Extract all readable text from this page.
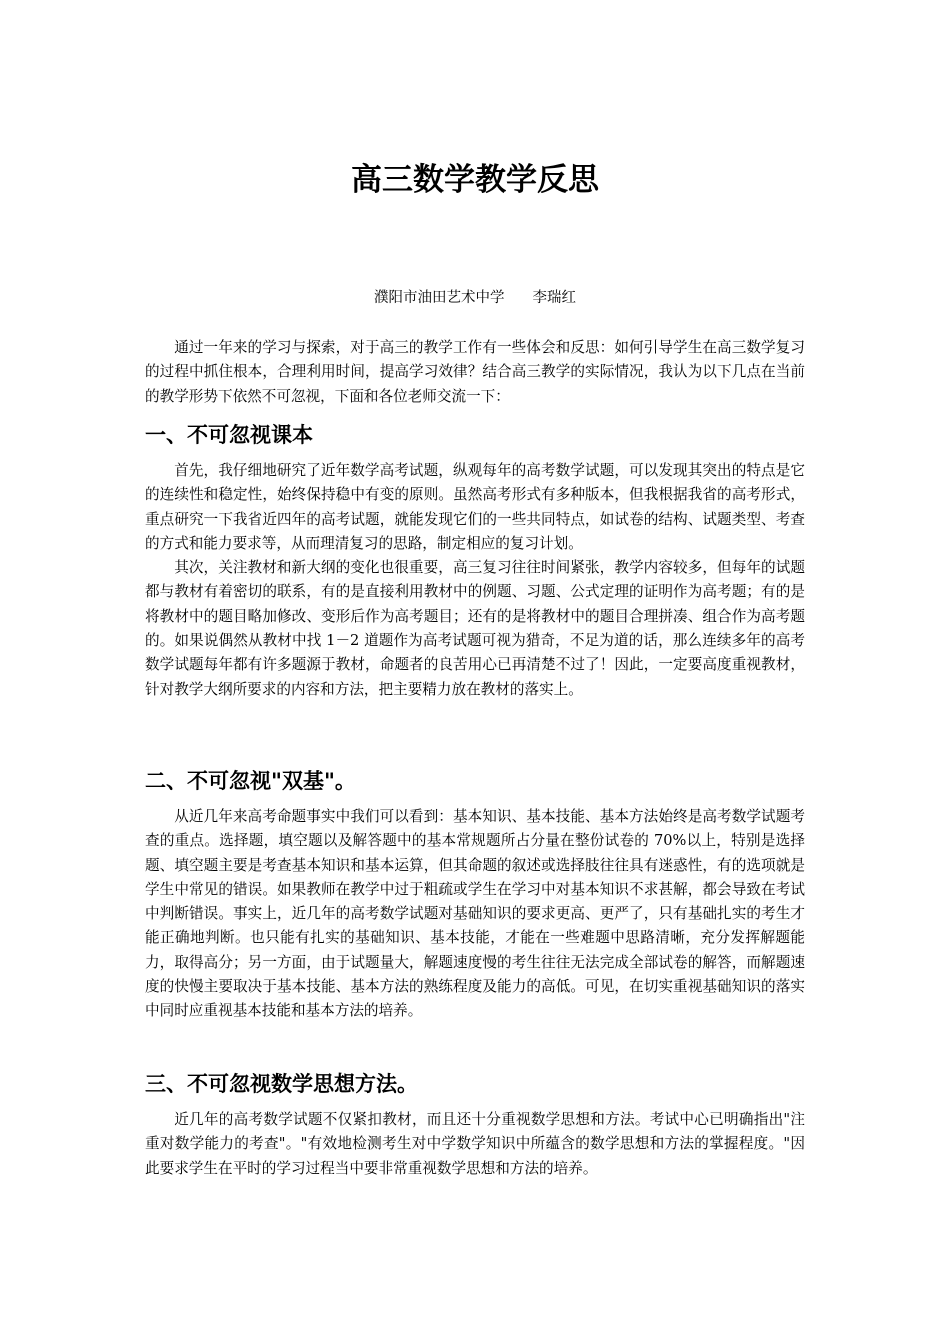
高三数学教学反思
濮阳市油田艺术中学 李瑞红

通过一年来的学习与探索，对于高三的教学工作有一些体会和反思：如何引导学生在高三数学复习的过程中抓住根本，合理利用时间，提高学习效律？结合高三教学的实际情况，我认为以下几点在当前的教学形势下依然不可忽视，下面和各位老师交流一下：

一、不可忽视课本

首先，我仔细地研究了近年数学高考试题，纵观每年的高考数学试题，可以发现其突出的特点是它的连续性和稳定性，始终保持稳中有变的原则。虽然高考形式有多种版本，但我根据我省的高考形式，重点研究一下我省近四年的高考试题，就能发现它们的一些共同特点，如试卷的结构、试题类型、考查的方式和能力要求等，从而理清复习的思路，制定相应的复习计划。

其次，关注教材和新大纲的变化也很重要，高三复习往往时间紧张，教学内容较多，但每年的试题都与教材有着密切的联系，有的是直接利用教材中的例题、习题、公式定理的证明作为高考题；有的是将教材中的题目略加修改、变形后作为高考题目；还有的是将教材中的题目合理拼凑、组合作为高考题的。如果说偶然从教材中找 1－2 道题作为高考试题可视为猎奇，不足为道的话，那么连续多年的高考数学试题每年都有许多题源于教材，命题者的良苦用心已再清楚不过了！因此，一定要高度重视教材，针对教学大纲所要求的内容和方法，把主要精力放在教材的落实上。

二、不可忽视"双基"。

从近几年来高考命题事实中我们可以看到：基本知识、基本技能、基本方法始终是高考数学试题考查的重点。选择题，填空题以及解答题中的基本常规题所占分量在整份试卷的 70%以上，特别是选择题、填空题主要是考查基本知识和基本运算，但其命题的叙述或选择肢往往具有迷惑性，有的选项就是学生中常见的错误。如果教师在教学中过于粗疏或学生在学习中对基本知识不求甚解，都会导致在考试中判断错误。事实上，近几年的高考数学试题对基础知识的要求更高、更严了，只有基础扎实的考生才能正确地判断。也只能有扎实的基础知识、基本技能，才能在一些难题中思路清晰，充分发挥解题能力，取得高分；另一方面，由于试题量大，解题速度慢的考生往往无法完成全部试卷的解答，而解题速度的快慢主要取决于基本技能、基本方法的熟练程度及能力的高低。可见，在切实重视基础知识的落实中同时应重视基本技能和基本方法的培养。

三、不可忽视数学思想方法。

近几年的高考数学试题不仅紧扣教材，而且还十分重视数学思想和方法。考试中心已明确指出"注重对数学能力的考查"。"有效地检测考生对中学数学知识中所蕴含的数学思想和方法的掌握程度。"因此要求学生在平时的学习过程当中要非常重视数学思想和方法的培养。
